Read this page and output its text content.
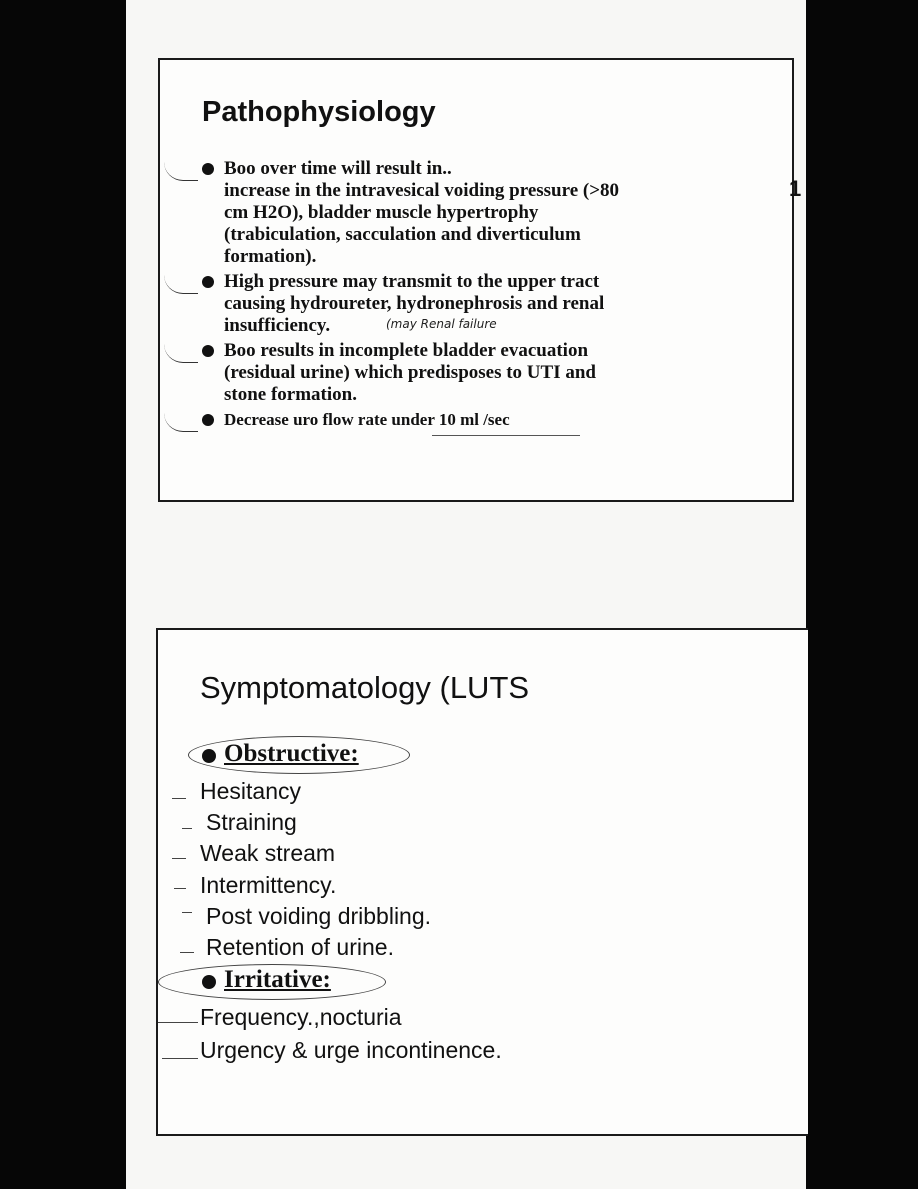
Pathophysiology
Boo over time will result in..
increase in the intravesical voiding pressure (>80
cm H2O), bladder muscle hypertrophy
(trabiculation, sacculation and diverticulum
formation).
High pressure may transmit to the upper tract
causing hydroureter, hydronephrosis and renal
insufficiency.
Boo results in incomplete bladder evacuation
(residual urine) which predisposes to UTI and
stone formation.
Decrease uro flow rate under 10 ml /sec
(may Renal failure
1
Symptomatology (LUTS
Obstructive:

Hesitancy

Straining

Weak stream

Intermittency.

Post voiding dribbling.

Retention of urine.

Irritative:

Frequency.,nocturia

Urgency & urge incontinence.
